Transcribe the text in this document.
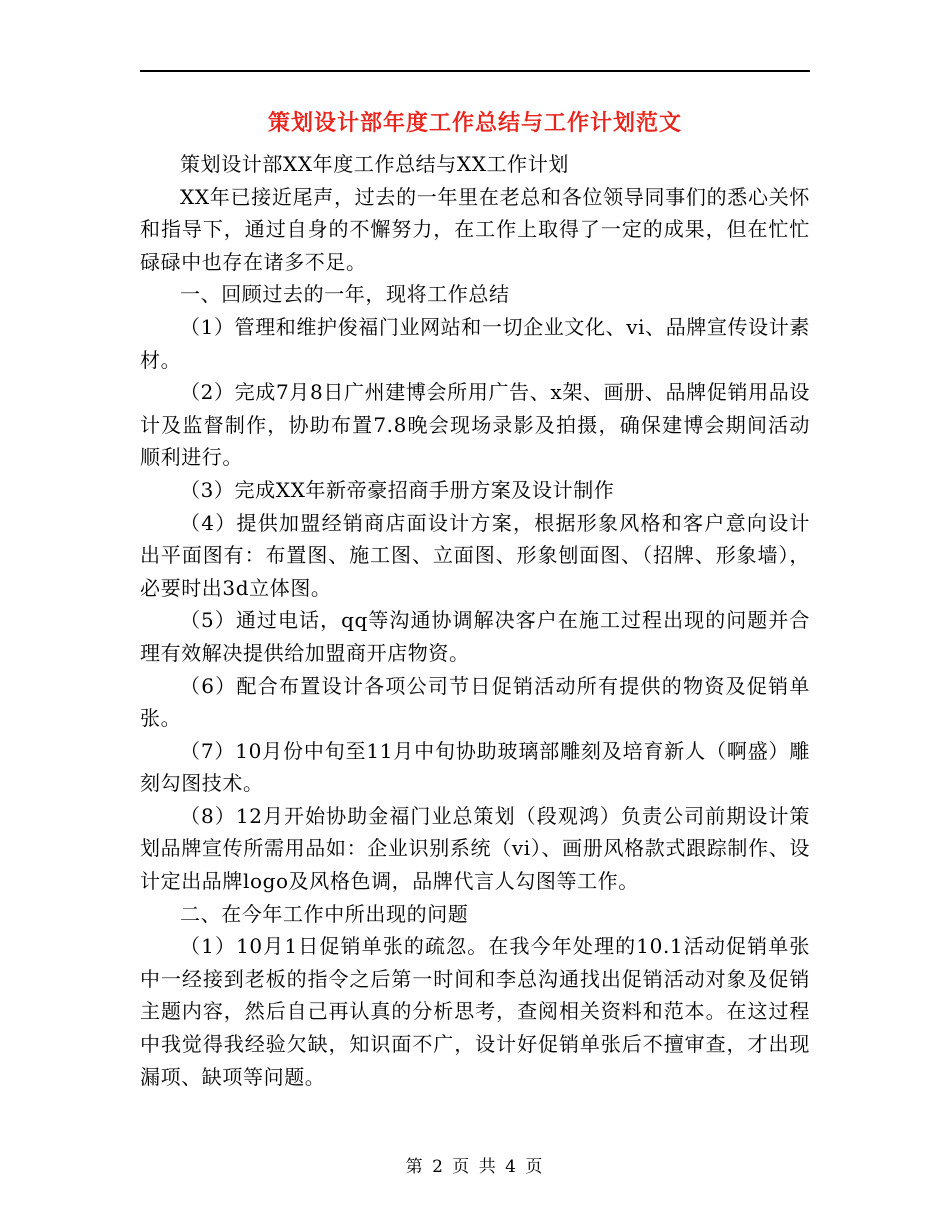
策划设计部年度工作总结与工作计划范文

策划设计部XX年度工作总结与XX工作计划

XX年已接近尾声，过去的一年里在老总和各位领导同事们的悉心关怀和指导下，通过自身的不懈努力，在工作上取得了一定的成果，但在忙忙碌碌中也存在诸多不足。

一、回顾过去的一年，现将工作总结

（1）管理和维护俊福门业网站和一切企业文化、vi、品牌宣传设计素材。

（2）完成7月8日广州建博会所用广告、x架、画册、品牌促销用品设计及监督制作，协助布置7.8晚会现场录影及拍摄，确保建博会期间活动顺利进行。

（3）完成XX年新帝豪招商手册方案及设计制作

（4）提供加盟经销商店面设计方案，根据形象风格和客户意向设计出平面图有：布置图、施工图、立面图、形象刨面图、（招牌、形象墙），必要时出3d立体图。

（5）通过电话，qq等沟通协调解决客户在施工过程出现的问题并合理有效解决提供给加盟商开店物资。

（6）配合布置设计各项公司节日促销活动所有提供的物资及促销单张。

（7）10月份中旬至11月中旬协助玻璃部雕刻及培育新人（啊盛）雕刻勾图技术。

（8）12月开始协助金福门业总策划（段观鸿）负责公司前期设计策划品牌宣传所需用品如：企业识别系统（vi）、画册风格款式跟踪制作、设计定出品牌logo及风格色调，品牌代言人勾图等工作。

二、在今年工作中所出现的问题

（1）10月1日促销单张的疏忽。在我今年处理的10.1活动促销单张中一经接到老板的指令之后第一时间和李总沟通找出促销活动对象及促销主题内容，然后自己再认真的分析思考，查阅相关资料和范本。在这过程中我觉得我经验欠缺，知识面不广，设计好促销单张后不擅审查，才出现漏项、缺项等问题。

第 2 页 共 4 页
